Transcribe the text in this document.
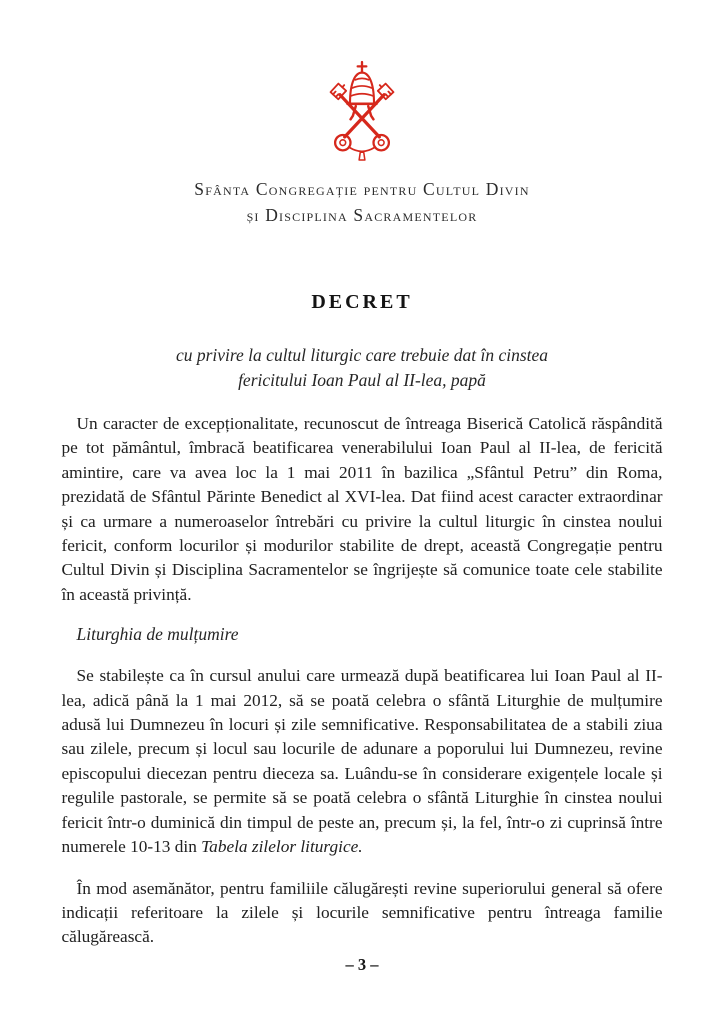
Sfânta Congregație pentru Cultul Divin
și Disciplina Sacramentelor
DECRET
cu privire la cultul liturgic care trebuie dat în cinstea
fericitului Ioan Paul al II-lea, papă

Un caracter de excepționalitate, recunoscut de întreaga Biserică Catolică răspândită pe tot pământul, îmbracă beatificarea venerabilului Ioan Paul al II-lea, de fericită amintire, care va avea loc la 1 mai 2011 în bazilica „Sfântul Petru” din Roma, prezidată de Sfântul Părinte Benedict al XVI-lea. Dat fiind acest caracter extraordinar și ca urmare a numeroaselor întrebări cu privire la cultul liturgic în cinstea noului fericit, conform locurilor și modurilor stabilite de drept, această Congregație pentru Cultul Divin și Disciplina Sacramentelor se îngrijește să comunice toate cele stabilite în această privință.

Liturghia de mulțumire

Se stabilește ca în cursul anului care urmează după beatificarea lui Ioan Paul al II-lea, adică până la 1 mai 2012, să se poată celebra o sfântă Liturghie de mulțumire adusă lui Dumnezeu în locuri și zile semnificative. Responsabilitatea de a stabili ziua sau zilele, precum și locul sau locurile de adunare a poporului lui Dumnezeu, revine episcopului diecezan pentru dieceza sa. Luându-se în considerare exigențele locale și regulile pastorale, se permite să se poată celebra o sfântă Liturghie în cinstea noului fericit într-o duminică din timpul de peste an, precum și, la fel, într-o zi cuprinsă între numerele 10-13 din Tabela zilelor liturgice.

În mod asemănător, pentru familiile călugărești revine superiorului general să ofere indicații referitoare la zilele și locurile semnificative pentru întreaga familie călugărească.

– 3 –
